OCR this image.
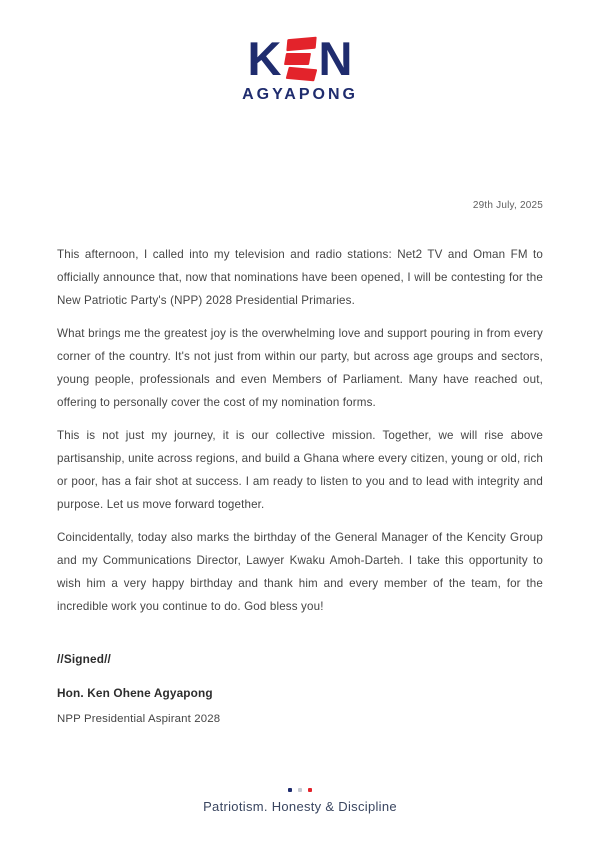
K N
AGYAPONG
29th July, 2025

This afternoon, I called into my television and radio stations: Net2 TV and Oman FM to officially announce that, now that nominations have been opened, I will be contesting for the New Patriotic Party's (NPP) 2028 Presidential Primaries.

What brings me the greatest joy is the overwhelming love and support pouring in from every corner of the country. It's not just from within our party, but across age groups and sectors, young people, professionals and even Members of Parliament. Many have reached out, offering to personally cover the cost of my nomination forms.

This is not just my journey, it is our collective mission. Together, we will rise above partisanship, unite across regions, and build a Ghana where every citizen, young or old, rich or poor, has a fair shot at success. I am ready to listen to you and to lead with integrity and purpose. Let us move forward together.

Coincidentally, today also marks the birthday of the General Manager of the Kencity Group and my Communications Director, Lawyer Kwaku Amoh-Darteh. I take this opportunity to wish him a very happy birthday and thank him and every member of the team, for the incredible work you continue to do. God bless you!

//Signed//
Hon. Ken Ohene Agyapong
NPP Presidential Aspirant 2028
Patriotism. Honesty & Discipline
